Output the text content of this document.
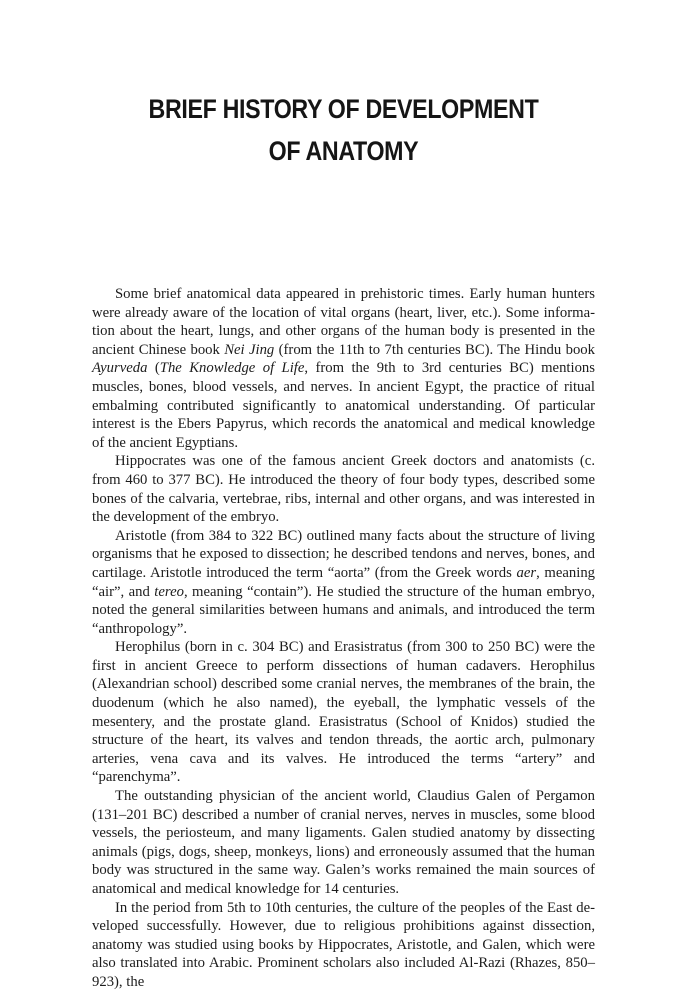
BRIEF HISTORY OF DEVELOPMENT
OF ANATOMY

Some brief anatomical data appeared in prehistoric times. Early human hunters were already aware of the location of vital organs (heart, liver, etc.). Some information about the heart, lungs, and other organs of the human body is presented in the ancient Chinese book Nei Jing (from the 11th to 7th centuries BC). The Hindu book Ayurveda (The Knowledge of Life, from the 9th to 3rd centuries BC) mentions muscles, bones, blood vessels, and nerves. In ancient Egypt, the practice of ritual embalming contributed significantly to anatomical understanding. Of particular interest is the Ebers Papyrus, which records the anatomical and medical knowledge of the ancient Egyptians.

Hippocrates was one of the famous ancient Greek doctors and anatomists (c. from 460 to 377 BC). He introduced the theory of four body types, described some bones of the calvaria, vertebrae, ribs, internal and other organs, and was interested in the development of the embryo.

Aristotle (from 384 to 322 BC) outlined many facts about the structure of living organisms that he exposed to dissection; he described tendons and nerves, bones, and cartilage. Aristotle introduced the term “aorta” (from the Greek words aer, meaning “air”, and tereo, meaning “contain”). He studied the structure of the human embryo, noted the general similarities between humans and animals, and introduced the term “anthropology”.

Herophilus (born in c. 304 BC) and Erasistratus (from 300 to 250 BC) were the first in ancient Greece to perform dissections of human cadavers. Herophilus (Alexandrian school) described some cranial nerves, the membranes of the brain, the duodenum (which he also named), the eyeball, the lymphatic vessels of the mesentery, and the prostate gland. Erasistratus (School of Knidos) studied the structure of the heart, its valves and tendon threads, the aortic arch, pulmonary arteries, vena cava and its valves. He introduced the terms “artery” and “parenchyma”.

The outstanding physician of the ancient world, Claudius Galen of Pergamon (131–201 BC) described a number of cranial nerves, nerves in muscles, some blood vessels, the periosteum, and many ligaments. Galen studied anatomy by dissecting animals (pigs, dogs, sheep, monkeys, lions) and erroneously assumed that the human body was structured in the same way. Galen’s works remained the main sources of anatomical and medical knowledge for 14 centuries.

In the period from 5th to 10th centuries, the culture of the peoples of the East developed successfully. However, due to religious prohibitions against dissection, anatomy was studied using books by Hippocrates, Aristotle, and Galen, which were also translated into Arabic. Prominent scholars also included Al-Razi (Rhazes, 850–923), the
